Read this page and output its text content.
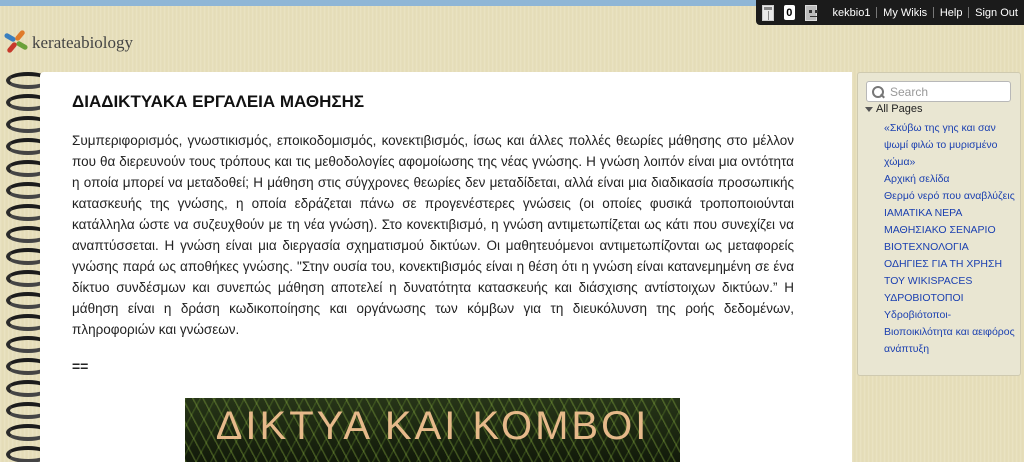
0	kekbio1	My Wikis	Help	Sign Out
kerateabiology
ΔΙΑΔΙΚΤΥΑΚΑ ΕΡΓΑΛΕΙΑ ΜΑΘΗΣΗΣ

Συμπεριφορισμός, γνωστικισμός, εποικοδομισμός, κονεκτιβισμός, ίσως και άλλες πολλές θεωρίες μάθησης στο μέλλον που θα διερευνούν τους τρόπους και τις μεθοδολογίες αφομοίωσης της νέας γνώσης. Η γνώση λοιπόν είναι μια οντότητα η οποία μπορεί να μεταδοθεί; Η μάθηση στις σύγχρονες θεωρίες δεν μεταδίδεται, αλλά είναι μια διαδικασία προσωπικής κατασκευής της γνώσης, η οποία εδράζεται πάνω σε προγενέστερες γνώσεις (οι οποίες φυσικά τροποποιούνται κατάλληλα ώστε να συζευχθούν με τη νέα γνώση). Στο κονεκτιβισμό, η γνώση αντιμετωπίζεται ως κάτι που συνεχίζει να αναπτύσσεται. Η γνώση είναι μια διεργασία σχηματισμού δικτύων. Οι μαθητευόμενοι αντιμετωπίζονται ως μεταφορείς γνώσης παρά ως αποθήκες γνώσης. "Στην ουσία του, κονεκτιβισμός είναι η θέση ότι η γνώση είναι κατανεμημένη σε ένα δίκτυο συνδέσμων και συνεπώς μάθηση αποτελεί η δυνατότητα κατασκευής και διάσχισης αντίστοιχων δικτύων.” Η μάθηση είναι η δράση κωδικοποίησης και οργάνωσης των κόμβων για τη διευκόλυνση της ροής δεδομένων, πληροφοριών και γνώσεων.

==
ΔΙΚΤΥΑ ΚΑΙ ΚΟΜΒΟΙ
Search
All Pages
«Σκύβω της γης και σαν ψωμί φιλώ το μυρισμένο χώμα»
Αρχική σελίδα
Θερμό νερό που αναβλύζεις
ΙΑΜΑΤΙΚΑ ΝΕΡΑ
ΜΑΘΗΣΙΑΚΟ ΣΕΝΑΡΙΟ ΒΙΟΤΕΧΝΟΛΟΓΙΑ
ΟΔΗΓΙΕΣ ΓΙΑ ΤΗ ΧΡΗΣΗ ΤΟΥ WIKISPACES
ΥΔΡΟΒΙΟΤΟΠΟΙ
Υδροβιότοποι- Βιοποικιλότητα και αειφόρος ανάπτυξη
